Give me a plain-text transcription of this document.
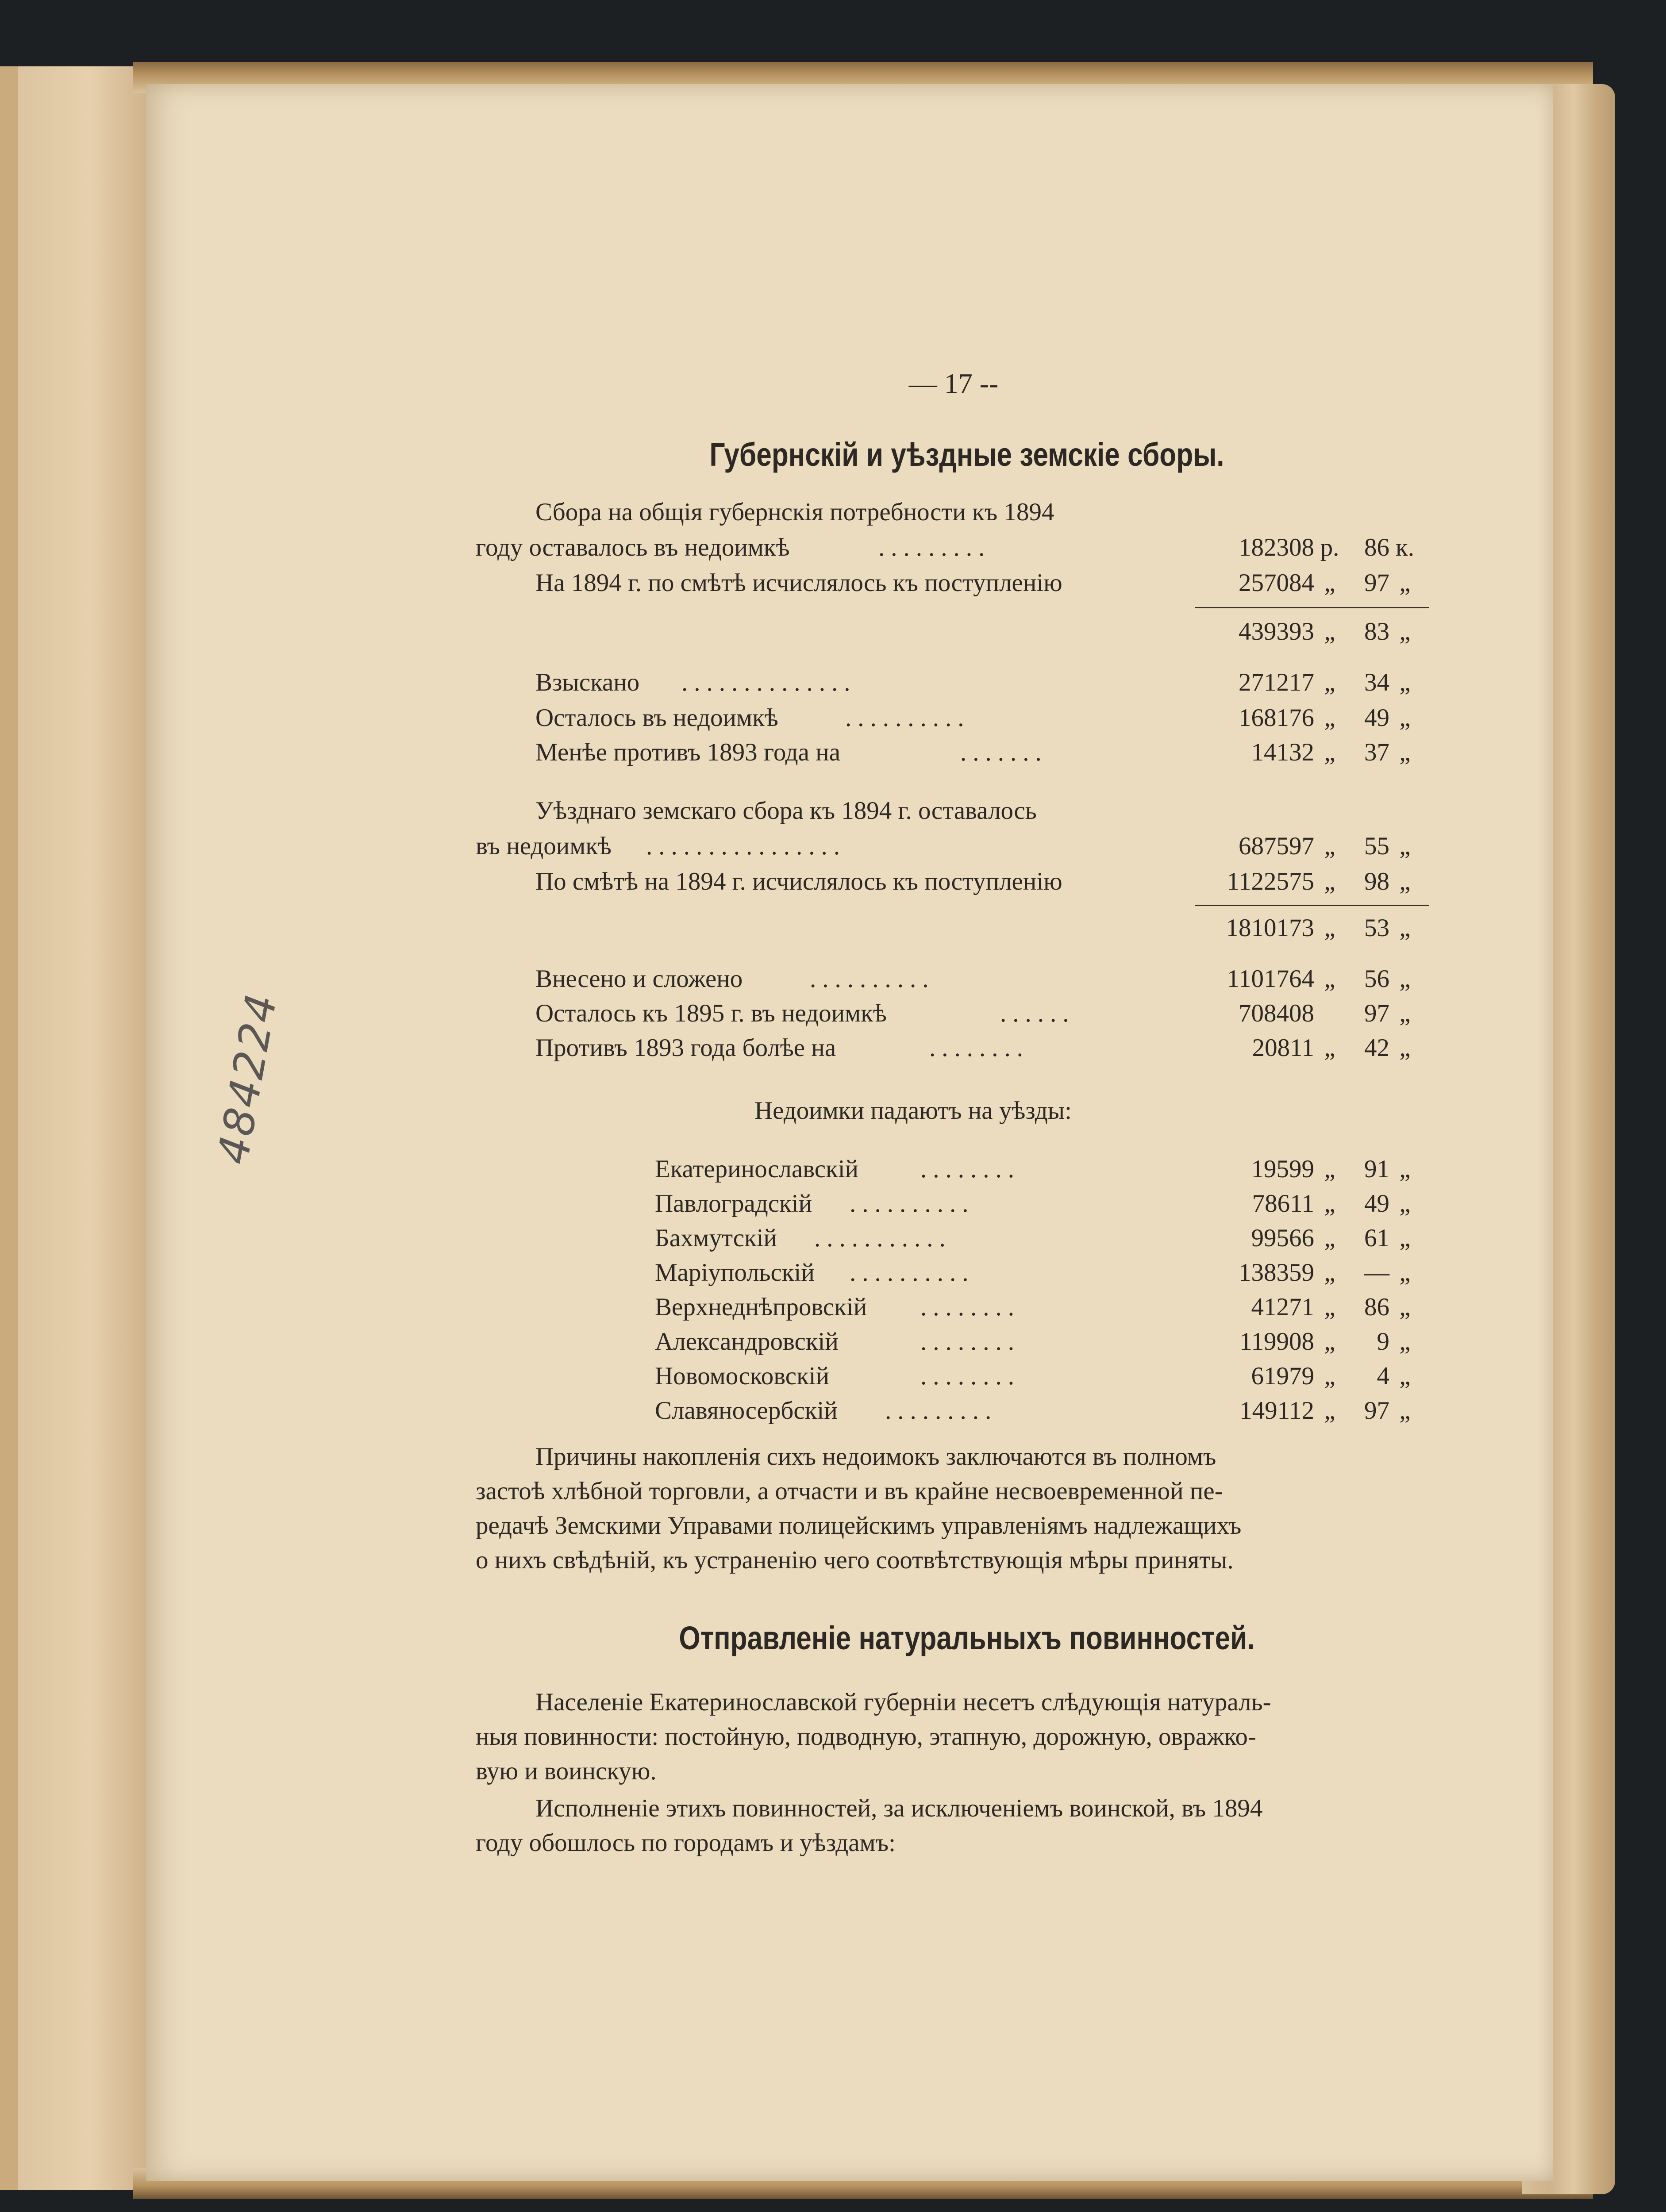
484224
— 17 --
Губернскій и уѣздные земскіе сборы.
Сбора на общія губернскія потребности къ 1894
году оставалось въ недоимкѣ	.........	182308 р. 86 к.
На 1894 г. по смѣтѣ исчислялось къ поступленію	257084 „	97 „
439393 „	83 „
Взыскано ..............	271217 „	34 „
Осталось въ недоимкѣ	..........	168176 „	49 „
Менѣе противъ 1893 года на	.......	14132 „	37 „
Уѣзднаго земскаго сбора къ 1894 г. оставалось
въ недоимкѣ ................	687597 „	55 „
По смѣтѣ на 1894 г. исчислялось къ поступленію	1122575 „	98 „
1810173 „	53 „
Внесено и сложено	..........	1101764 „	56 „
Осталось къ 1895 г. въ недоимкѣ	......	708408	97 „
Противъ 1893 года болѣе на	........	20811 „	42 „
Недоимки падаютъ на уѣзды:
Екатеринославскій ........	19599 „	91 „
Павлоградскій ..........	78611 „	49 „
Бахмутскій ...........	99566 „	61 „
Маріупольскій ..........	138359 „	— „
Верхнеднѣпровскій ........	41271 „	86 „
Александровскій	........	119908 „	9 „
Новомосковскій	........	61979 „	4 „
Славяносербскій .........	149112 „	97 „
Причины накопленія сихъ недоимокъ заключаются въ полномъ
застоѣ хлѣбной торговли, а отчасти и въ крайне несвоевременной пе-
редачѣ Земскими Управами полицейскимъ управленіямъ надлежащихъ
о нихъ свѣдѣній, къ устраненію чего соотвѣтствующія мѣры приняты.
Отправленіе натуральныхъ повинностей.
Населеніе Екатеринославской губерніи несетъ слѣдующія натураль-
ныя повинности: постойную, подводную, этапную, дорожную, овражко-
вую и воинскую.
Исполненіе этихъ повинностей, за исключеніемъ воинской, въ 1894
году обошлось по городамъ и уѣздамъ:
